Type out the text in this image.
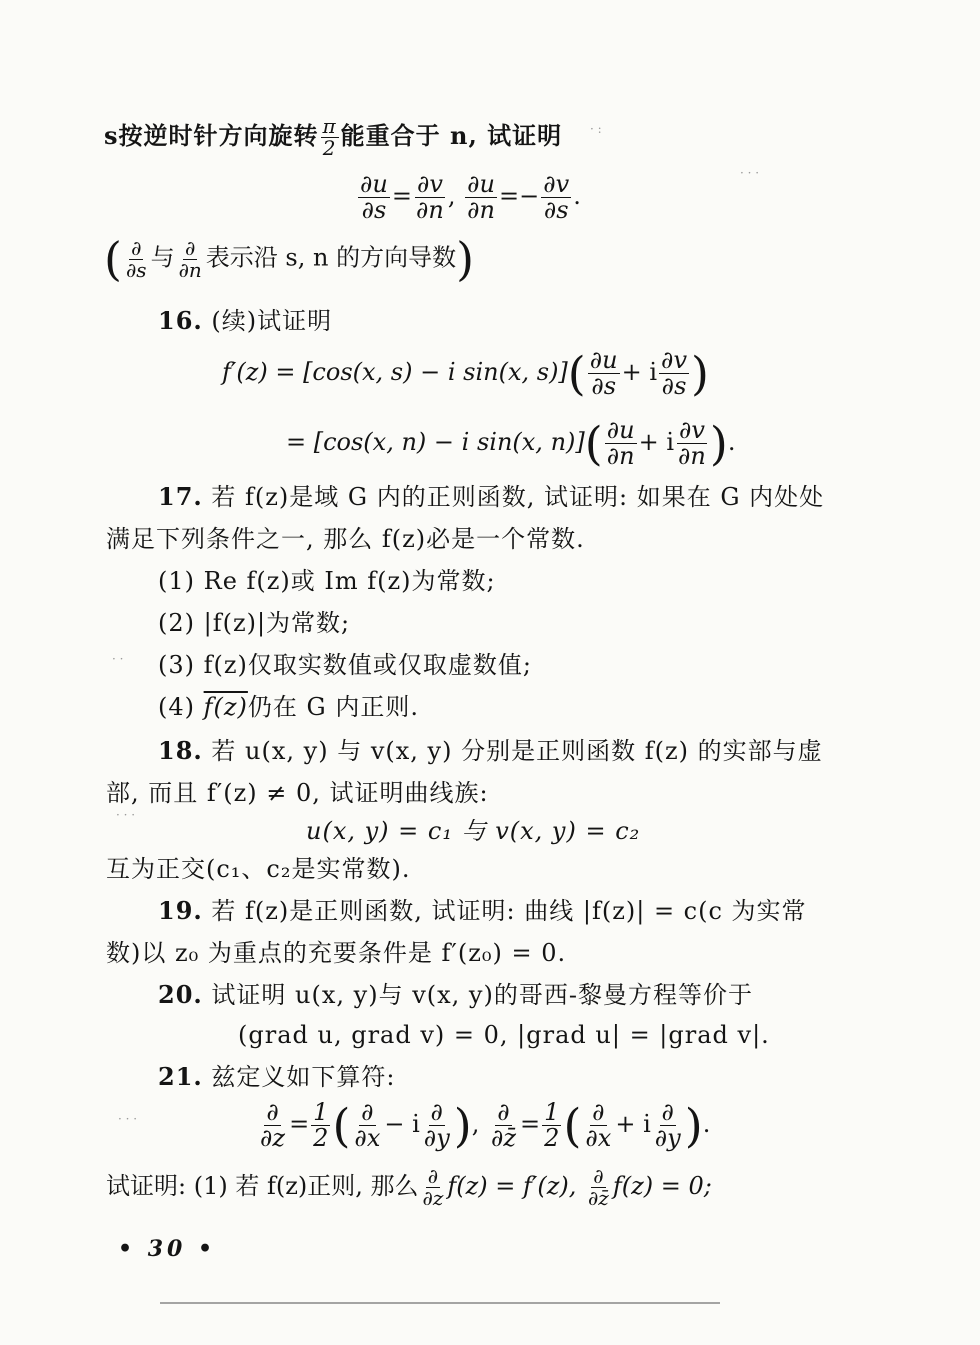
s按逆时针方向旋转 $\frac{\pi}{2}$ 能重合于 n, 试证明
$\frac{\partial u}{\partial s} = \frac{\partial v}{\partial n}$ , $\frac{\partial u}{\partial n} =- \frac{\partial v}{\partial s}$ .
( $\frac{\partial}{\partial s}$ 与 $\frac{\partial}{\partial n}$ 表示沿 s, n 的方向导数)
16. (续)试证明
f′(z) = [cos(x, s) − i sin(x, $s)]( \frac{\partial u}{\partial s} + i \frac{\partial v}{\partial s}$ )
= [cos(x, n) − i sin(x, $n)]( \frac{\partial u}{\partial n} + i \frac{\partial v}{\partial n}$ ).
17. 若 f(z)是域 G 内的正则函数, 试证明: 如果在 G 内处处
满足下列条件之一, 那么 f(z)必是一个常数.
(1) Re f(z)或 Im f(z)为常数;
(2) |f(z)|为常数;
(3) f(z)仅取实数值或仅取虚数值;
(4) f(z)仍在 G 内正则.
18. 若 u(x, y) 与 v(x, y) 分别是正则函数 f(z) 的实部与虚
部, 而且 f′(z) ≠ 0, 试证明曲线族:
u(x, y) = c₁ 与 v(x, y) = c₂
互为正交(c₁、c₂是实常数).
19. 若 f(z)是正则函数, 试证明: 曲线 |f(z)| = c(c 为实常
数)以 z₀ 为重点的充要条件是 f′(z₀) = 0.
20. 试证明 u(x, y)与 v(x, y)的哥西-黎曼方程等价于
(grad u, grad v) = 0, |grad u| = |grad v|.
21. 兹定义如下算符:
$\frac{\partial}{\partial z} = \frac{1}{2}$ ( $\frac{\partial}{\partial x} - i \frac{\partial}{\partial y}$ ), $\frac{\partial}{\partial z̄} = \frac{1}{2}$ ( $\frac{\partial}{\partial x} + i \frac{\partial}{\partial y}$ ).
试证明: (1) 若 f(z)正则, 那么 $\frac{\partial}{\partial z} f(z) = f'(z)$, $\frac{\partial}{\partial z̄} f(z) = 0$;
• 30 •
· :
· · ·
· ·
· · ·
· · ·
